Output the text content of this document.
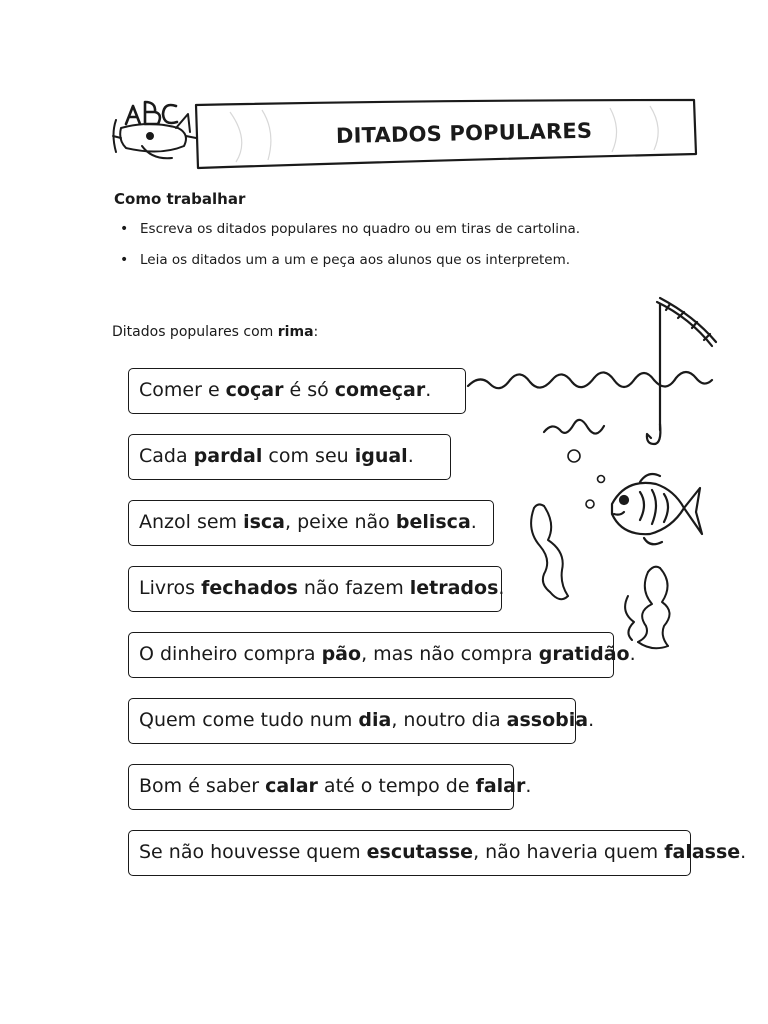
DITADOS POPULARES
Como trabalhar
• Escreva os ditados populares no quadro ou em tiras de cartolina.
• Leia os ditados um a um e peça aos alunos que os interpretem.
Ditados populares com rima:
Comer e coçar é só começar.
Cada pardal com seu igual.
Anzol sem isca, peixe não belisca.
Livros fechados não fazem letrados.
O dinheiro compra pão, mas não compra gratidão.
Quem come tudo num dia, noutro dia assobia.
Bom é saber calar até o tempo de falar.
Se não houvesse quem escutasse, não haveria quem falasse.
